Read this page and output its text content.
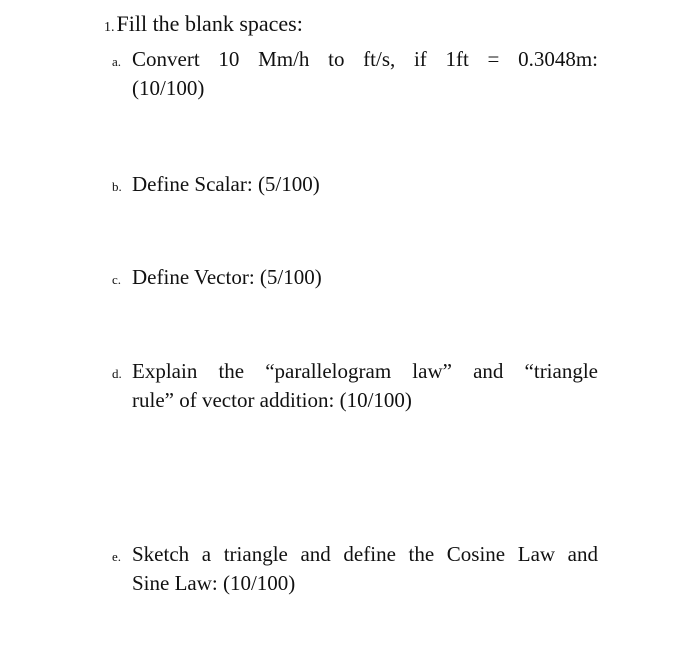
1.Fill the blank spaces:
a. Convert 10 Mm/h to ft/s, if 1ft = 0.3048m:
(10/100)
b. Define Scalar: (5/100)
c. Define Vector: (5/100)
d. Explain the “parallelogram law” and “triangle
rule” of vector addition: (10/100)
e. Sketch a triangle and define the Cosine Law and
Sine Law: (10/100)
